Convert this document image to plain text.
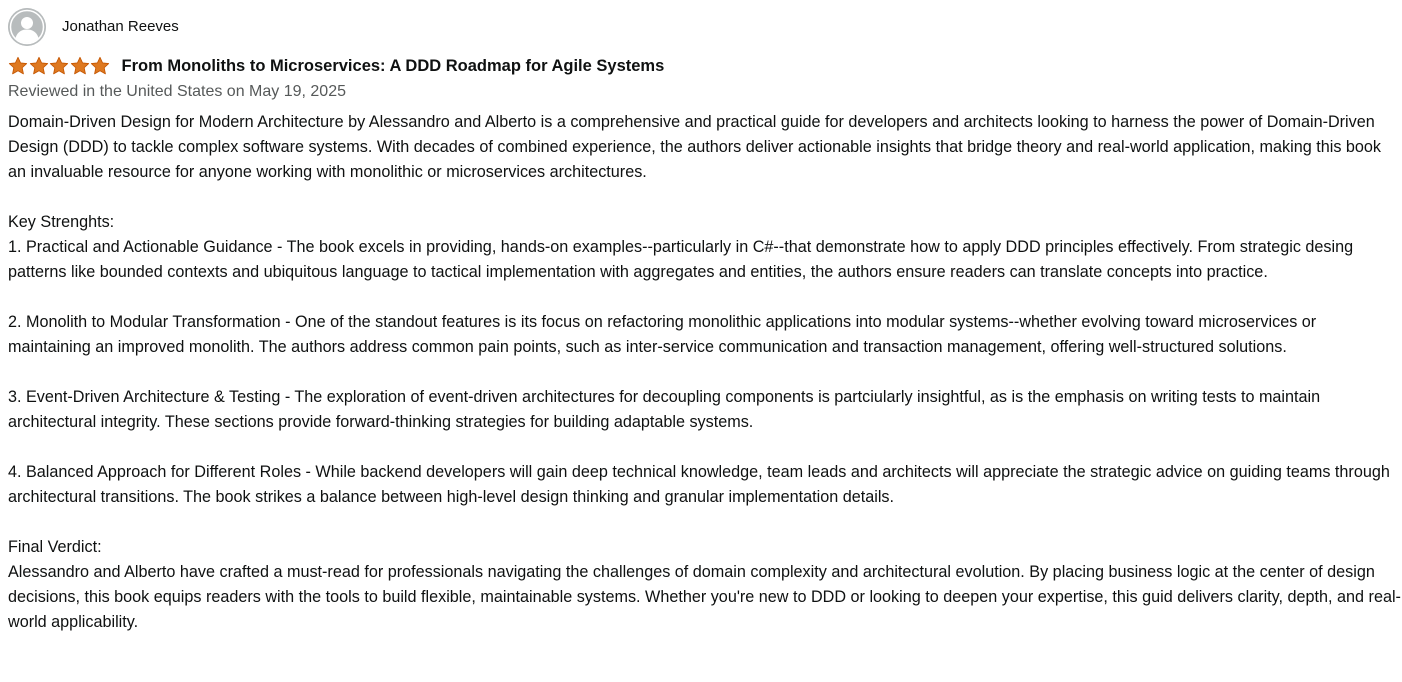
Jonathan Reeves
From Monoliths to Microservices: A DDD Roadmap for Agile Systems
Reviewed in the United States on May 19, 2025

Domain-Driven Design for Modern Architecture by Alessandro and Alberto is a comprehensive and practical guide for developers and architects looking to harness the power of Domain-Driven Design (DDD) to tackle complex software systems. With decades of combined experience, the authors deliver actionable insights that bridge theory and real-world application, making this book an invaluable resource for anyone working with monolithic or microservices architectures.

Key Strenghts:

1. Practical and Actionable Guidance - The book excels in providing, hands-on examples--particularly in C#--that demonstrate how to apply DDD principles effectively. From strategic desing patterns like bounded contexts and ubiquitous language to tactical implementation with aggregates and entities, the authors ensure readers can translate concepts into practice.

2. Monolith to Modular Transformation - One of the standout features is its focus on refactoring monolithic applications into modular systems--whether evolving toward microservices or maintaining an improved monolith. The authors address common pain points, such as inter-service communication and transaction management, offering well-structured solutions.

3. Event-Driven Architecture & Testing - The exploration of event-driven architectures for decoupling components is partciularly insightful, as is the emphasis on writing tests to maintain architectural integrity. These sections provide forward-thinking strategies for building adaptable systems.

4. Balanced Approach for Different Roles - While backend developers will gain deep technical knowledge, team leads and architects will appreciate the strategic advice on guiding teams through architectural transitions. The book strikes a balance between high-level design thinking and granular implementation details.

Final Verdict:

Alessandro and Alberto have crafted a must-read for professionals navigating the challenges of domain complexity and architectural evolution. By placing business logic at the center of design decisions, this book equips readers with the tools to build flexible, maintainable systems. Whether you're new to DDD or looking to deepen your expertise, this guid delivers clarity, depth, and real-world applicability.
